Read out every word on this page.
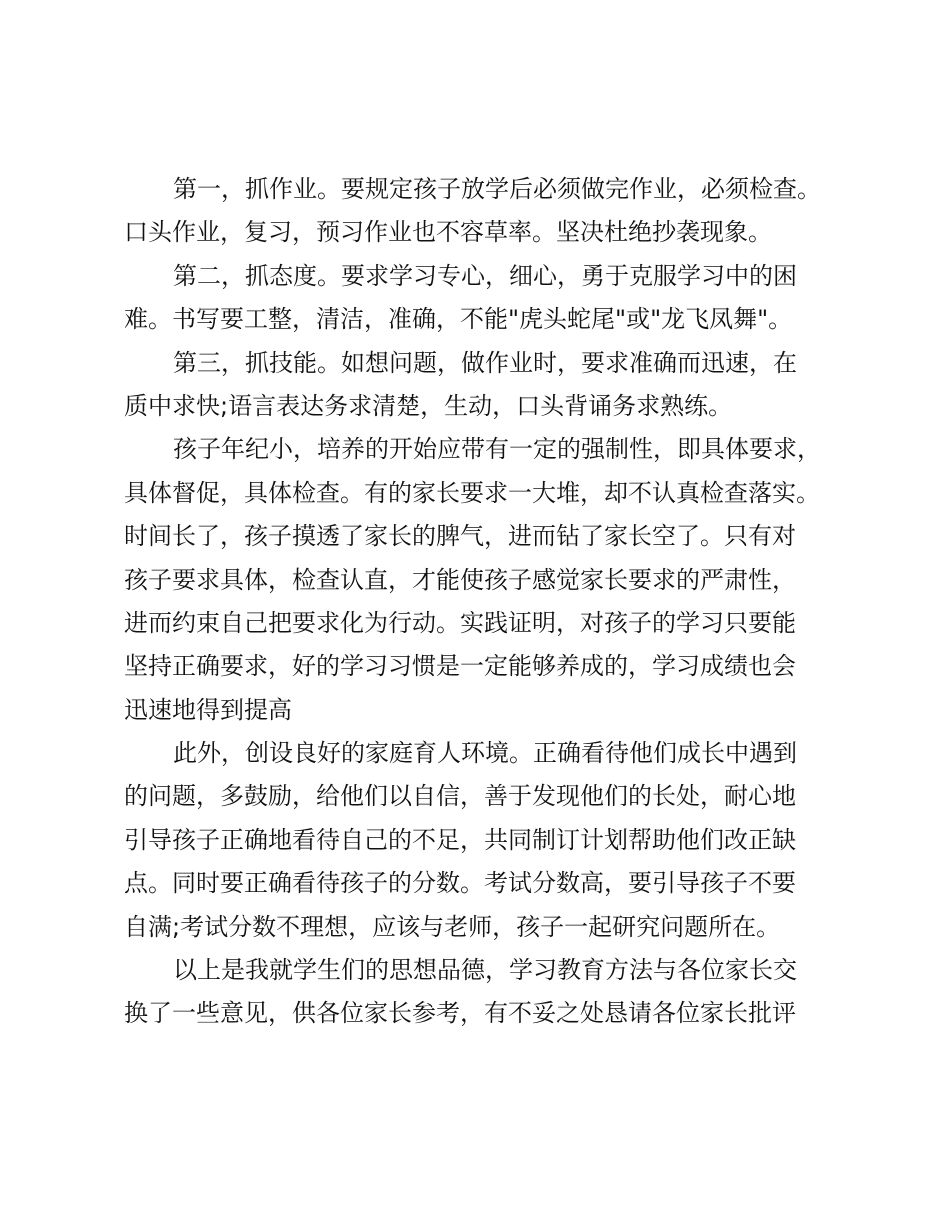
第一，抓作业。要规定孩子放学后必须做完作业，必须检查。
口头作业，复习，预习作业也不容草率。坚决杜绝抄袭现象。
第二，抓态度。要求学习专心，细心，勇于克服学习中的困
难。书写要工整，清洁，准确，不能"虎头蛇尾"或"龙飞凤舞"。
第三，抓技能。如想问题，做作业时，要求准确而迅速，在
质中求快;语言表达务求清楚，生动，口头背诵务求熟练。
孩子年纪小，培养的开始应带有一定的强制性，即具体要求，
具体督促，具体检查。有的家长要求一大堆，却不认真检查落实。
时间长了，孩子摸透了家长的脾气，进而钻了家长空了。只有对
孩子要求具体，检查认直，才能使孩子感觉家长要求的严肃性，
进而约束自己把要求化为行动。实践证明，对孩子的学习只要能
坚持正确要求，好的学习习惯是一定能够养成的，学习成绩也会
迅速地得到提高
此外，创设良好的家庭育人环境。正确看待他们成长中遇到
的问题，多鼓励，给他们以自信，善于发现他们的长处，耐心地
引导孩子正确地看待自己的不足，共同制订计划帮助他们改正缺
点。同时要正确看待孩子的分数。考试分数高，要引导孩子不要
自满;考试分数不理想，应该与老师，孩子一起研究问题所在。
以上是我就学生们的思想品德，学习教育方法与各位家长交
换了一些意见，供各位家长参考，有不妥之处恳请各位家长批评
